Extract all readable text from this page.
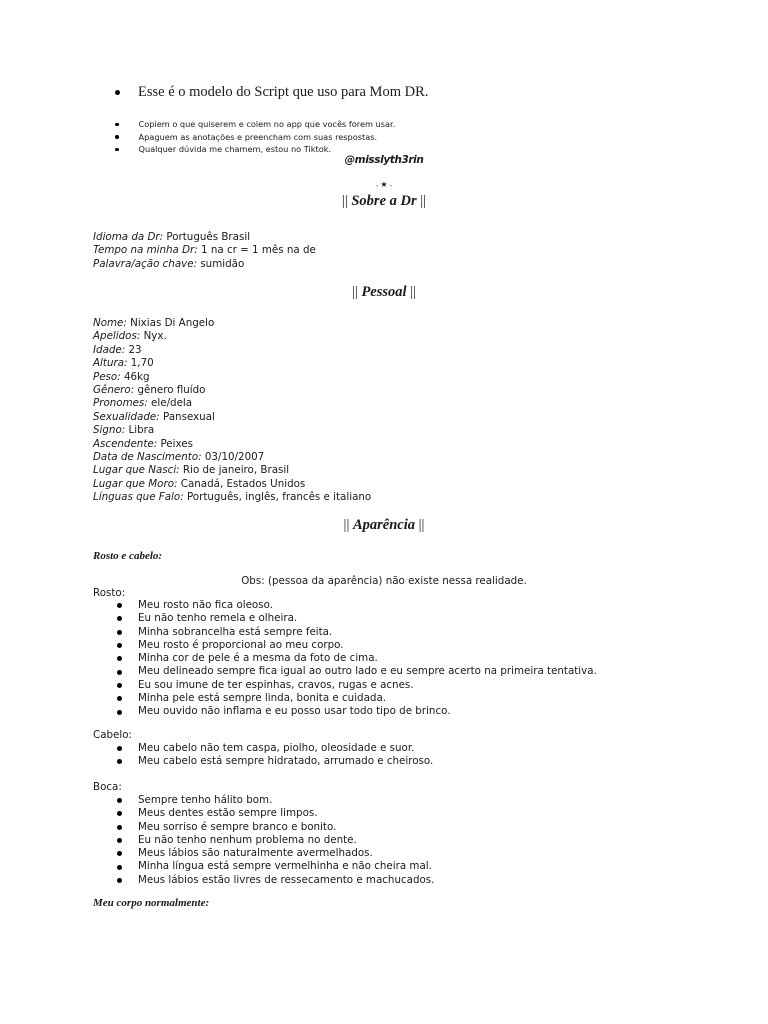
Esse é o modelo do Script que uso para Mom DR.
Copiem o que quiserem e colem no app que vocês forem usar.
Apaguem as anotações e preencham com suas respostas.
Qualquer dúvida me chamem, estou no Tiktok.
@misslyth3rin
˖ ★ ˖
|| Sobre a Dr ||
Idioma da Dr: Português Brasil
Tempo na minha Dr: 1 na cr = 1 mês na de
Palavra/ação chave: sumidão
|| Pessoal ||
Nome: Nixias Di Angelo
Apelidos: Nyx.
Idade: 23
Altura: 1,70
Peso: 46kg
Gênero: gênero fluído
Pronomes: ele/dela
Sexualidade: Pansexual
Signo: Libra
Ascendente: Peixes
Data de Nascimento: 03/10/2007
Lugar que Nasci: Rio de janeiro, Brasil
Lugar que Moro: Canadá, Estados Unidos
Línguas que Falo: Português, inglês, francês e italiano
|| Aparência ||
Rosto e cabelo:
Obs: (pessoa da aparência) não existe nessa realidade.
Rosto:
Meu rosto não fica oleoso.
Eu não tenho remela e olheira.
Minha sobrancelha está sempre feita.
Meu rosto é proporcional ao meu corpo.
Minha cor de pele é a mesma da foto de cima.
Meu delineado sempre fica igual ao outro lado e eu sempre acerto na primeira tentativa.
Eu sou imune de ter espinhas, cravos, rugas e acnes.
Minha pele está sempre linda, bonita e cuidada.
Meu ouvido não inflama e eu posso usar todo tipo de brinco.
Cabelo:
Meu cabelo não tem caspa, piolho, oleosidade e suor.
Meu cabelo está sempre hidratado, arrumado e cheiroso.
Boca:
Sempre tenho hálito bom.
Meus dentes estão sempre limpos.
Meu sorriso é sempre branco e bonito.
Eu não tenho nenhum problema no dente.
Meus lábios são naturalmente avermelhados.
Minha língua está sempre vermelhinha e não cheira mal.
Meus lábios estão livres de ressecamento e machucados.
Meu corpo normalmente:
